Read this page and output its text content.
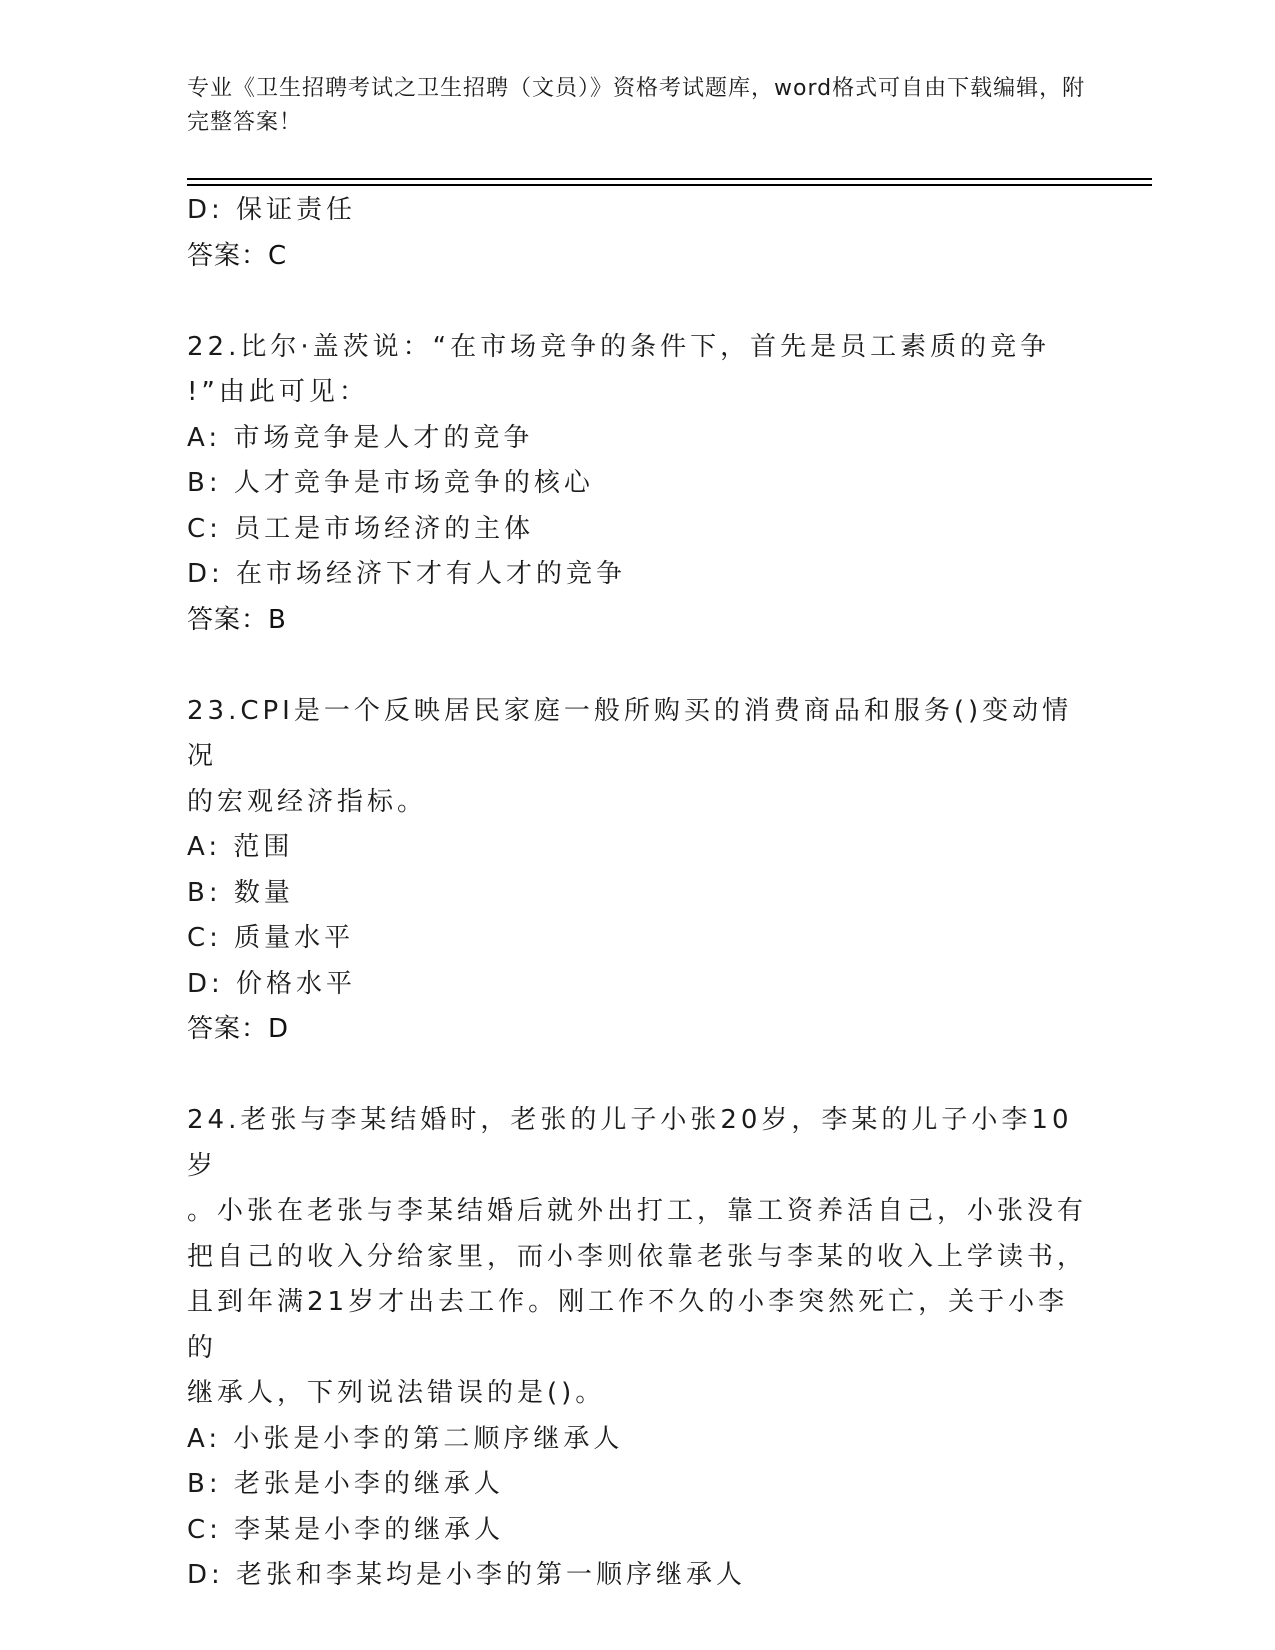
专业《卫生招聘考试之卫生招聘（文员）》资格考试题库，word格式可自由下载编辑，附完整答案！
D: 保证责任
答案：C
22.比尔·盖茨说：“在市场竞争的条件下，首先是员工素质的竞争
!”由此可见：
A: 市场竞争是人才的竞争
B: 人才竞争是市场竞争的核心
C: 员工是市场经济的主体
D: 在市场经济下才有人才的竞争
答案：B
23.CPI是一个反映居民家庭一般所购买的消费商品和服务()变动情况
的宏观经济指标。
A: 范围
B: 数量
C: 质量水平
D: 价格水平
答案：D
24.老张与李某结婚时，老张的儿子小张20岁，李某的儿子小李10岁
。小张在老张与李某结婚后就外出打工，靠工资养活自己，小张没有
把自己的收入分给家里，而小李则依靠老张与李某的收入上学读书，
且到年满21岁才出去工作。刚工作不久的小李突然死亡，关于小李的
继承人，下列说法错误的是()。
A: 小张是小李的第二顺序继承人
B: 老张是小李的继承人
C: 李某是小李的继承人
D: 老张和李某均是小李的第一顺序继承人
